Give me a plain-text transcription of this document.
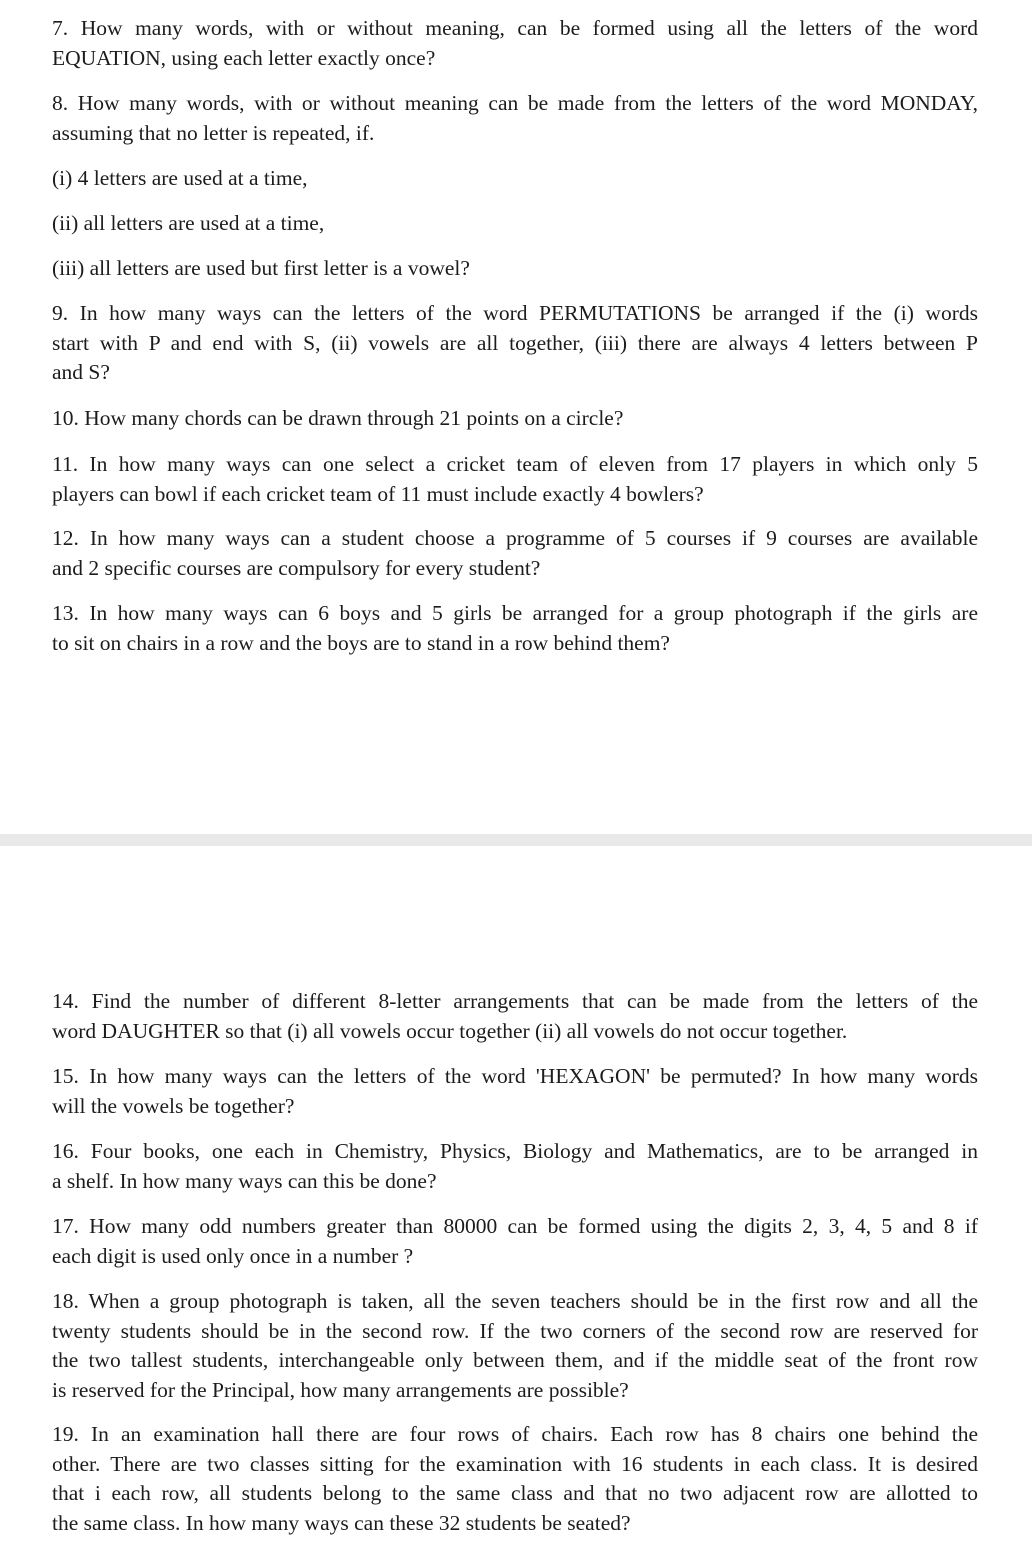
7. How many words, with or without meaning, can be formed using all the letters of the word
EQUATION, using each letter exactly once?

8. How many words, with or without meaning can be made from the letters of the word MONDAY,
assuming that no letter is repeated, if.

(i) 4 letters are used at a time,

(ii) all letters are used at a time,

(iii) all letters are used but first letter is a vowel?

9. In how many ways can the letters of the word PERMUTATIONS be arranged if the (i) words
start with P and end with S, (ii) vowels are all together, (iii) there are always 4 letters between P
and S?

10. How many chords can be drawn through 21 points on a circle?

11. In how many ways can one select a cricket team of eleven from 17 players in which only 5
players can bowl if each cricket team of 11 must include exactly 4 bowlers?

12. In how many ways can a student choose a programme of 5 courses if 9 courses are available
and 2 specific courses are compulsory for every student?

13. In how many ways can 6 boys and 5 girls be arranged for a group photograph if the girls are
to sit on chairs in a row and the boys are to stand in a row behind them?

14. Find the number of different 8-letter arrangements that can be made from the letters of the
word DAUGHTER so that (i) all vowels occur together (ii) all vowels do not occur together.

15. In how many ways can the letters of the word 'HEXAGON' be permuted? In how many words
will the vowels be together?

16. Four books, one each in Chemistry, Physics, Biology and Mathematics, are to be arranged in
a shelf. In how many ways can this be done?

17. How many odd numbers greater than 80000 can be formed using the digits 2, 3, 4, 5 and 8 if
each digit is used only once in a number ?

18. When a group photograph is taken, all the seven teachers should be in the first row and all the
twenty students should be in the second row. If the two corners of the second row are reserved for
the two tallest students, interchangeable only between them, and if the middle seat of the front row
is reserved for the Principal, how many arrangements are possible?

19. In an examination hall there are four rows of chairs. Each row has 8 chairs one behind the
other. There are two classes sitting for the examination with 16 students in each class. It is desired
that i each row, all students belong to the same class and that no two adjacent row are allotted to
the same class. In how many ways can these 32 students be seated?
